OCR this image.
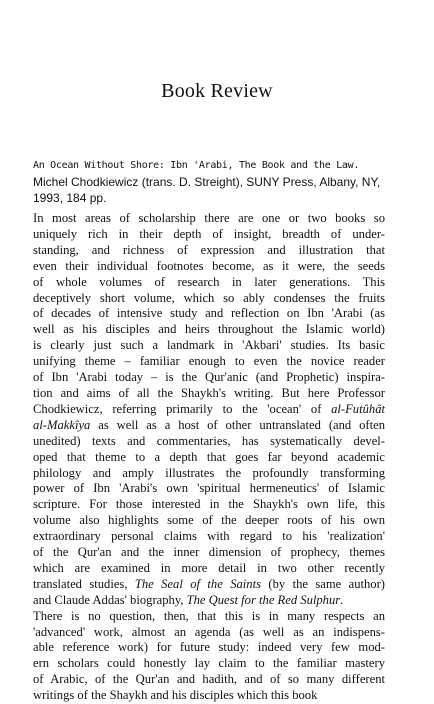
Book Review
An Ocean Without Shore: Ibn 'Arabi, The Book and the Law. Michel Chodkiewicz (trans. D. Streight), SUNY Press, Albany, NY, 1993, 184 pp.
In most areas of scholarship there are one or two books so
uniquely rich in their depth of insight, breadth of under-
standing, and richness of expression and illustration that
even their individual footnotes become, as it were, the seeds
of whole volumes of research in later generations. This
deceptively short volume, which so ably condenses the fruits
of decades of intensive study and reflection on Ibn 'Arabi (as
well as his disciples and heirs throughout the Islamic world)
is clearly just such a landmark in 'Akbari' studies. Its basic
unifying theme – familiar enough to even the novice reader
of Ibn 'Arabi today – is the Qur'anic (and Prophetic) inspira-
tion and aims of all the Shaykh's writing. But here Professor
Chodkiewicz, referring primarily to the 'ocean' of al-Futûhât
al-Makkîya as well as a host of other untranslated (and often
unedited) texts and commentaries, has systematically devel-
oped that theme to a depth that goes far beyond academic
philology and amply illustrates the profoundly transforming
power of Ibn 'Arabi's own 'spiritual hermeneutics' of Islamic
scripture. For those interested in the Shaykh's own life, this
volume also highlights some of the deeper roots of his own
extraordinary personal claims with regard to his 'realization'
of the Qur'an and the inner dimension of prophecy, themes
which are examined in more detail in two other recently
translated studies, The Seal of the Saints (by the same author)
and Claude Addas' biography, The Quest for the Red Sulphur.
There is no question, then, that this is in many respects an
'advanced' work, almost an agenda (as well as an indispens-
able reference work) for future study: indeed very few mod-
ern scholars could honestly lay claim to the familiar mastery
of Arabic, of the Qur'an and hadith, and of so many different
writings of the Shaykh and his disciples which this book
